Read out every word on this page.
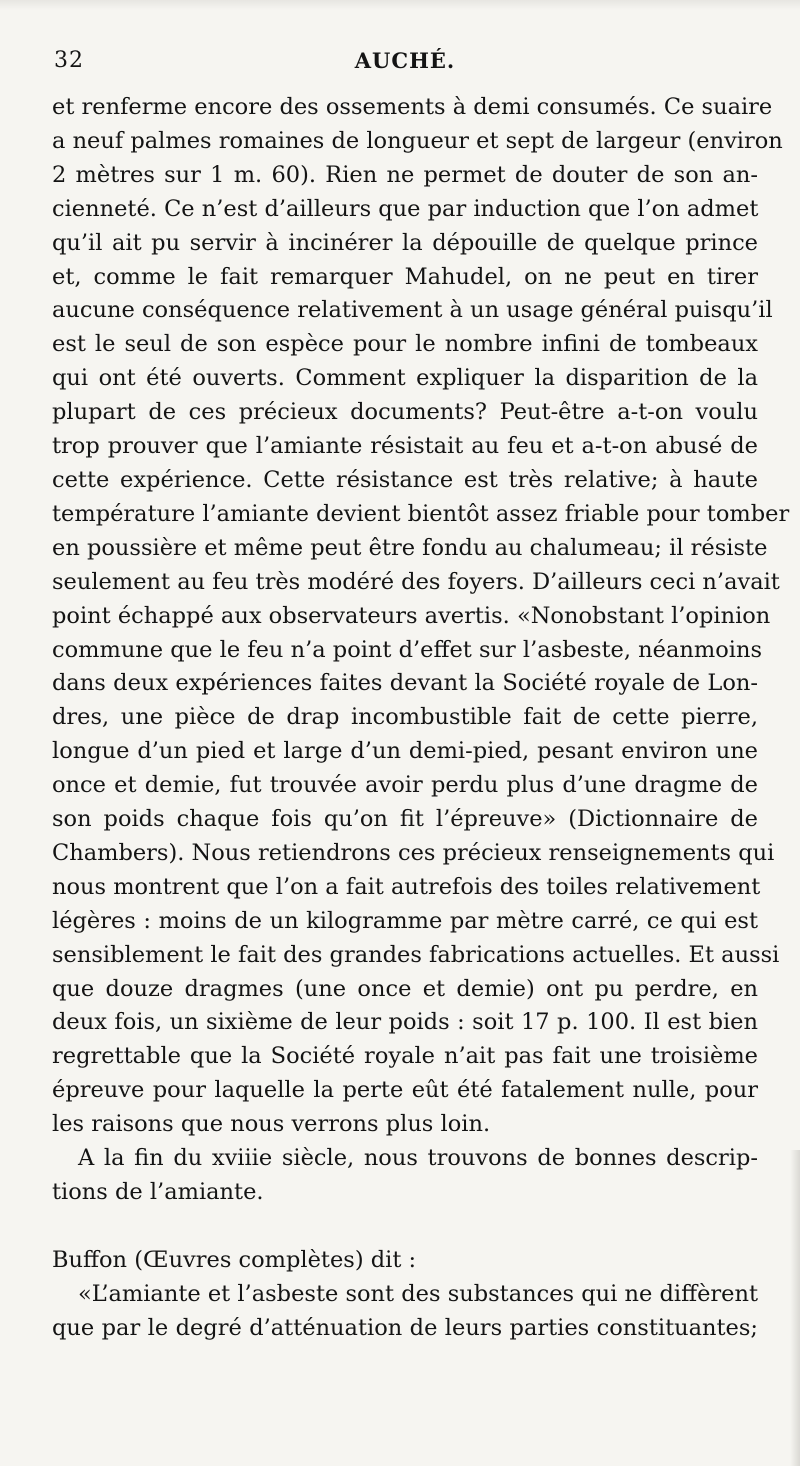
32	AUCHÉ.
et renferme encore des ossements à demi consumés. Ce suaire
a neuf palmes romaines de longueur et sept de largeur (environ
2 mètres sur 1 m. 60). Rien ne permet de douter de son an-
cienneté. Ce n’est d’ailleurs que par induction que l’on admet
qu’il ait pu servir à incinérer la dépouille de quelque prince
et, comme le fait remarquer Mahudel, on ne peut en tirer
aucune conséquence relativement à un usage général puisqu’il
est le seul de son espèce pour le nombre infini de tombeaux
qui ont été ouverts. Comment expliquer la disparition de la
plupart de ces précieux documents? Peut-être a-t-on voulu
trop prouver que l’amiante résistait au feu et a-t-on abusé de
cette expérience. Cette résistance est très relative; à haute
température l’amiante devient bientôt assez friable pour tomber
en poussière et même peut être fondu au chalumeau; il résiste
seulement au feu très modéré des foyers. D’ailleurs ceci n’avait
point échappé aux observateurs avertis. «Nonobstant l’opinion
commune que le feu n’a point d’effet sur l’asbeste, néanmoins
dans deux expériences faites devant la Société royale de Lon-
dres, une pièce de drap incombustible fait de cette pierre,
longue d’un pied et large d’un demi-pied, pesant environ une
once et demie, fut trouvée avoir perdu plus d’une dragme de
son poids chaque fois qu’on fit l’épreuve» (Dictionnaire de
Chambers). Nous retiendrons ces précieux renseignements qui
nous montrent que l’on a fait autrefois des toiles relativement
légères : moins de un kilogramme par mètre carré, ce qui est
sensiblement le fait des grandes fabrications actuelles. Et aussi
que douze dragmes (une once et demie) ont pu perdre, en
deux fois, un sixième de leur poids : soit 17 p. 100. Il est bien
regrettable que la Société royale n’ait pas fait une troisième
épreuve pour laquelle la perte eût été fatalement nulle, pour
les raisons que nous verrons plus loin.
A la fin du xviiie siècle, nous trouvons de bonnes descrip-
tions de l’amiante.
Buffon (Œuvres complètes) dit :
«L’amiante et l’asbeste sont des substances qui ne diffèrent
que par le degré d’atténuation de leurs parties constituantes;
